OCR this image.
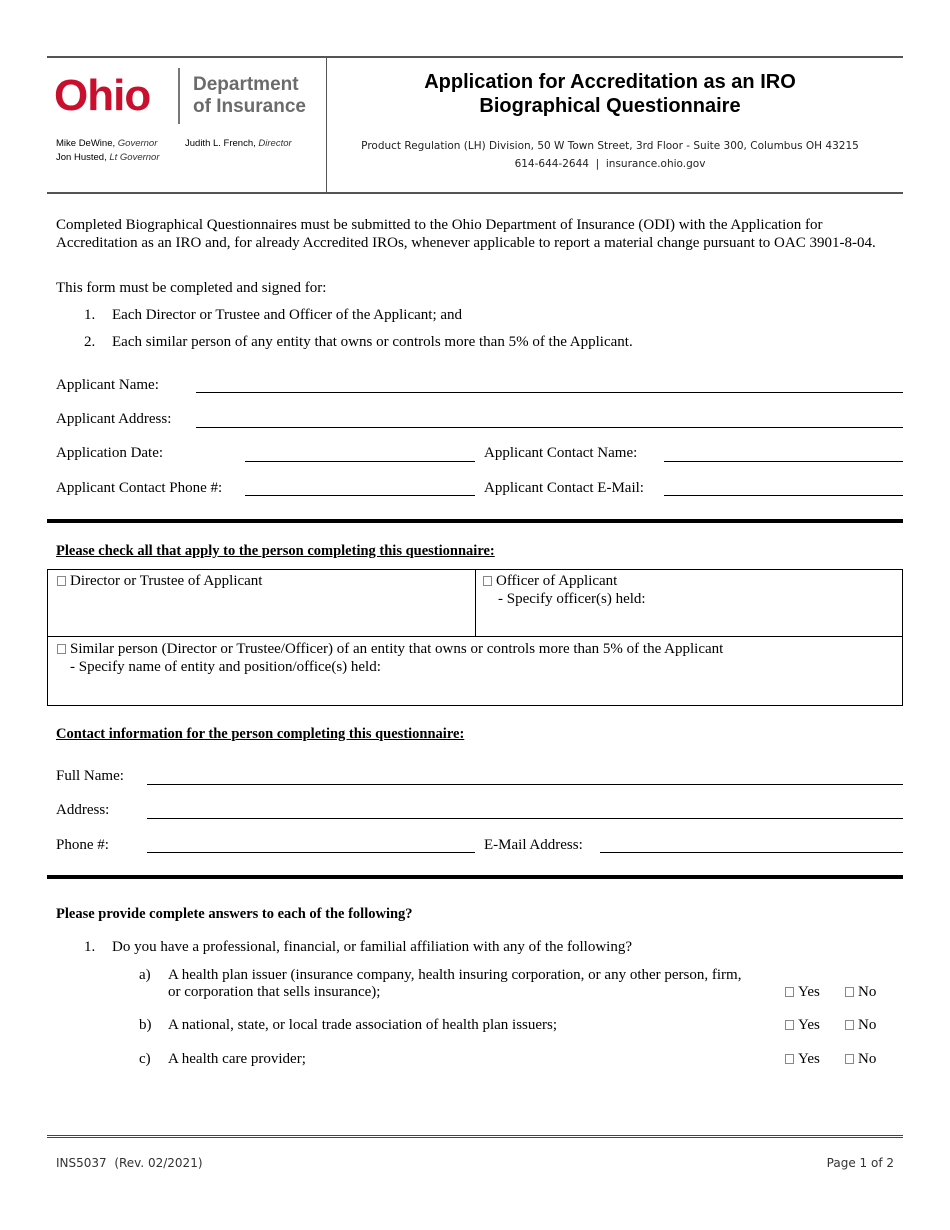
Ohio Department
of Insurance
Mike DeWine, Governor
Jon Husted, Lt Governor
Judith L. French, Director
Application for Accreditation as an IRO
Biographical Questionnaire
Product Regulation (LH) Division, 50 W Town Street, 3rd Floor - Suite 300, Columbus OH 43215
614-644-2644 | insurance.ohio.gov
Completed Biographical Questionnaires must be submitted to the Ohio Department of Insurance (ODI) with the Application for Accreditation as an IRO and, for already Accredited IROs, whenever applicable to report a material change pursuant to OAC 3901-8-04.
This form must be completed and signed for:
1. Each Director or Trustee and Officer of the Applicant; and
2. Each similar person of any entity that owns or controls more than 5% of the Applicant.
Applicant Name:
Applicant Address:
Application Date:	Applicant Contact Name:
Applicant Contact Phone #:	Applicant Contact E-Mail:
Please check all that apply to the person completing this questionnaire:
Director or Trustee of Applicant	Officer of Applicant
- Specify officer(s) held:
Similar person (Director or Trustee/Officer) of an entity that owns or controls more than 5% of the Applicant
- Specify name of entity and position/office(s) held:
Contact information for the person completing this questionnaire:
Full Name:
Address:
Phone #:	E-Mail Address:
Please provide complete answers to each of the following?
1. Do you have a professional, financial, or familial affiliation with any of the following?
a) A health plan issuer (insurance company, health insuring corporation, or any other person, firm,
or corporation that sells insurance);	Yes	No
b) A national, state, or local trade association of health plan issuers;	Yes	No
c) A health care provider;	Yes	No
INS5037 (Rev. 02/2021)	Page 1 of 2
